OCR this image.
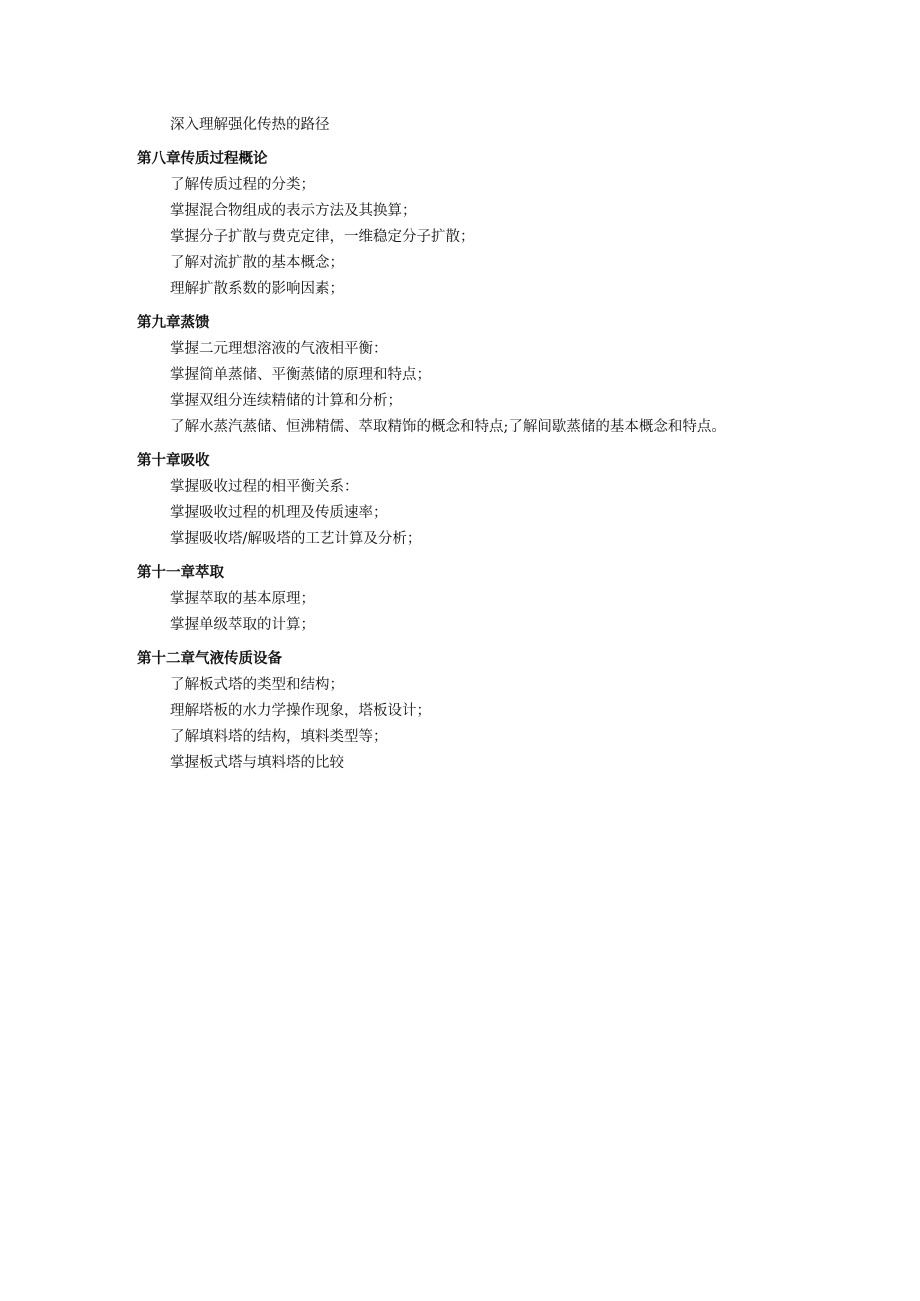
深入理解强化传热的路径
第八章传质过程概论
了解传质过程的分类；
掌握混合物组成的表示方法及其换算；
掌握分子扩散与费克定律，一维稳定分子扩散；
了解对流扩散的基本概念；
理解扩散系数的影响因素；
第九章蒸馈
掌握二元理想溶液的气液相平衡：
掌握简单蒸储、平衡蒸储的原理和特点；
掌握双组分连续精储的计算和分析；
了解水蒸汽蒸储、恒沸精儒、萃取精饰的概念和特点;了解间歇蒸储的基本概念和特点。
第十章吸收
掌握吸收过程的相平衡关系：
掌握吸收过程的机理及传质速率；
掌握吸收塔/解吸塔的工艺计算及分析；
第十一章萃取
掌握萃取的基本原理；
掌握单级萃取的计算；
第十二章气液传质设备
了解板式塔的类型和结构；
理解塔板的水力学操作现象，塔板设计；
了解填料塔的结构，填料类型等；
掌握板式塔与填料塔的比较
